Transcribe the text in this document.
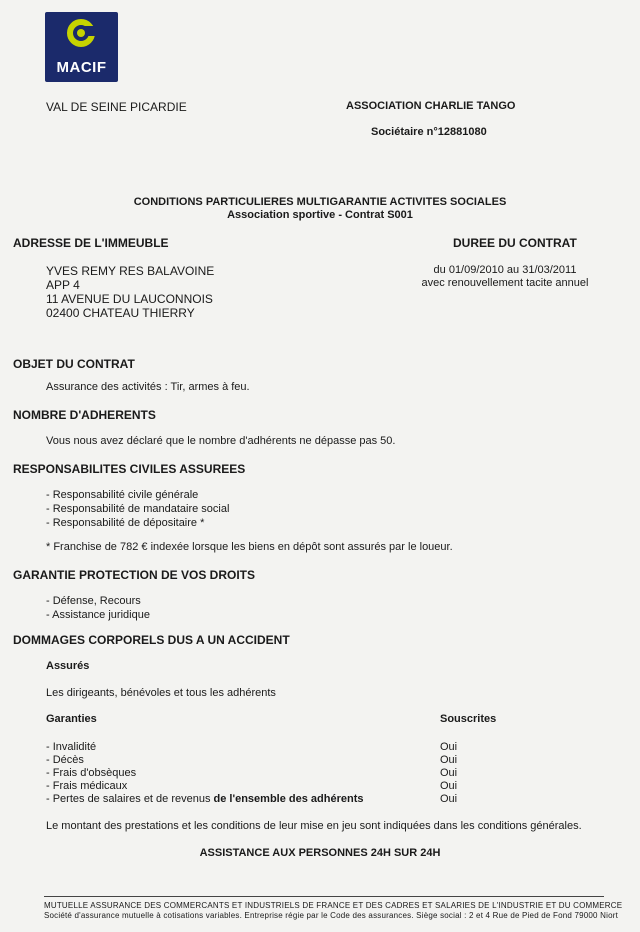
MACIF
VAL DE SEINE PICARDIE	ASSOCIATION CHARLIE TANGO
Sociétaire n°12881080
CONDITIONS PARTICULIERES MULTIGARANTIE ACTIVITES SOCIALES
Association sportive - Contrat S001
ADRESSE DE L'IMMEUBLE
YVES REMY RES BALAVOINE
APP 4
11 AVENUE DU LAUCONNOIS
02400 CHATEAU THIERRY
DUREE DU CONTRAT
du 01/09/2010 au 31/03/2011
avec renouvellement tacite annuel
OBJET DU CONTRAT
Assurance des activités : Tir, armes à feu.
NOMBRE D'ADHERENTS
Vous nous avez déclaré que le nombre d'adhérents ne dépasse pas 50.
RESPONSABILITES CIVILES ASSUREES
- Responsabilité civile générale
- Responsabilité de mandataire social
- Responsabilité de dépositaire *
* Franchise de 782 € indexée lorsque les biens en dépôt sont assurés par le loueur.
GARANTIE PROTECTION DE VOS DROITS
- Défense, Recours
- Assistance juridique
DOMMAGES CORPORELS DUS A UN ACCIDENT
Assurés
Les dirigeants, bénévoles et tous les adhérents
Garanties	Souscrites
- Invalidité	Oui
- Décès	Oui
- Frais d'obsèques	Oui
- Frais médicaux	Oui
- Pertes de salaires et de revenus de l'ensemble des adhérents	Oui
Le montant des prestations et les conditions de leur mise en jeu sont indiquées dans les conditions générales.
ASSISTANCE AUX PERSONNES 24H SUR 24H
MUTUELLE ASSURANCE DES COMMERCANTS ET INDUSTRIELS DE FRANCE ET DES CADRES ET SALARIES DE L'INDUSTRIE ET DU COMMERCE
Société d'assurance mutuelle à cotisations variables. Entreprise régie par le Code des assurances. Siège social : 2 et 4 Rue de Pied de Fond 79000 Niort
